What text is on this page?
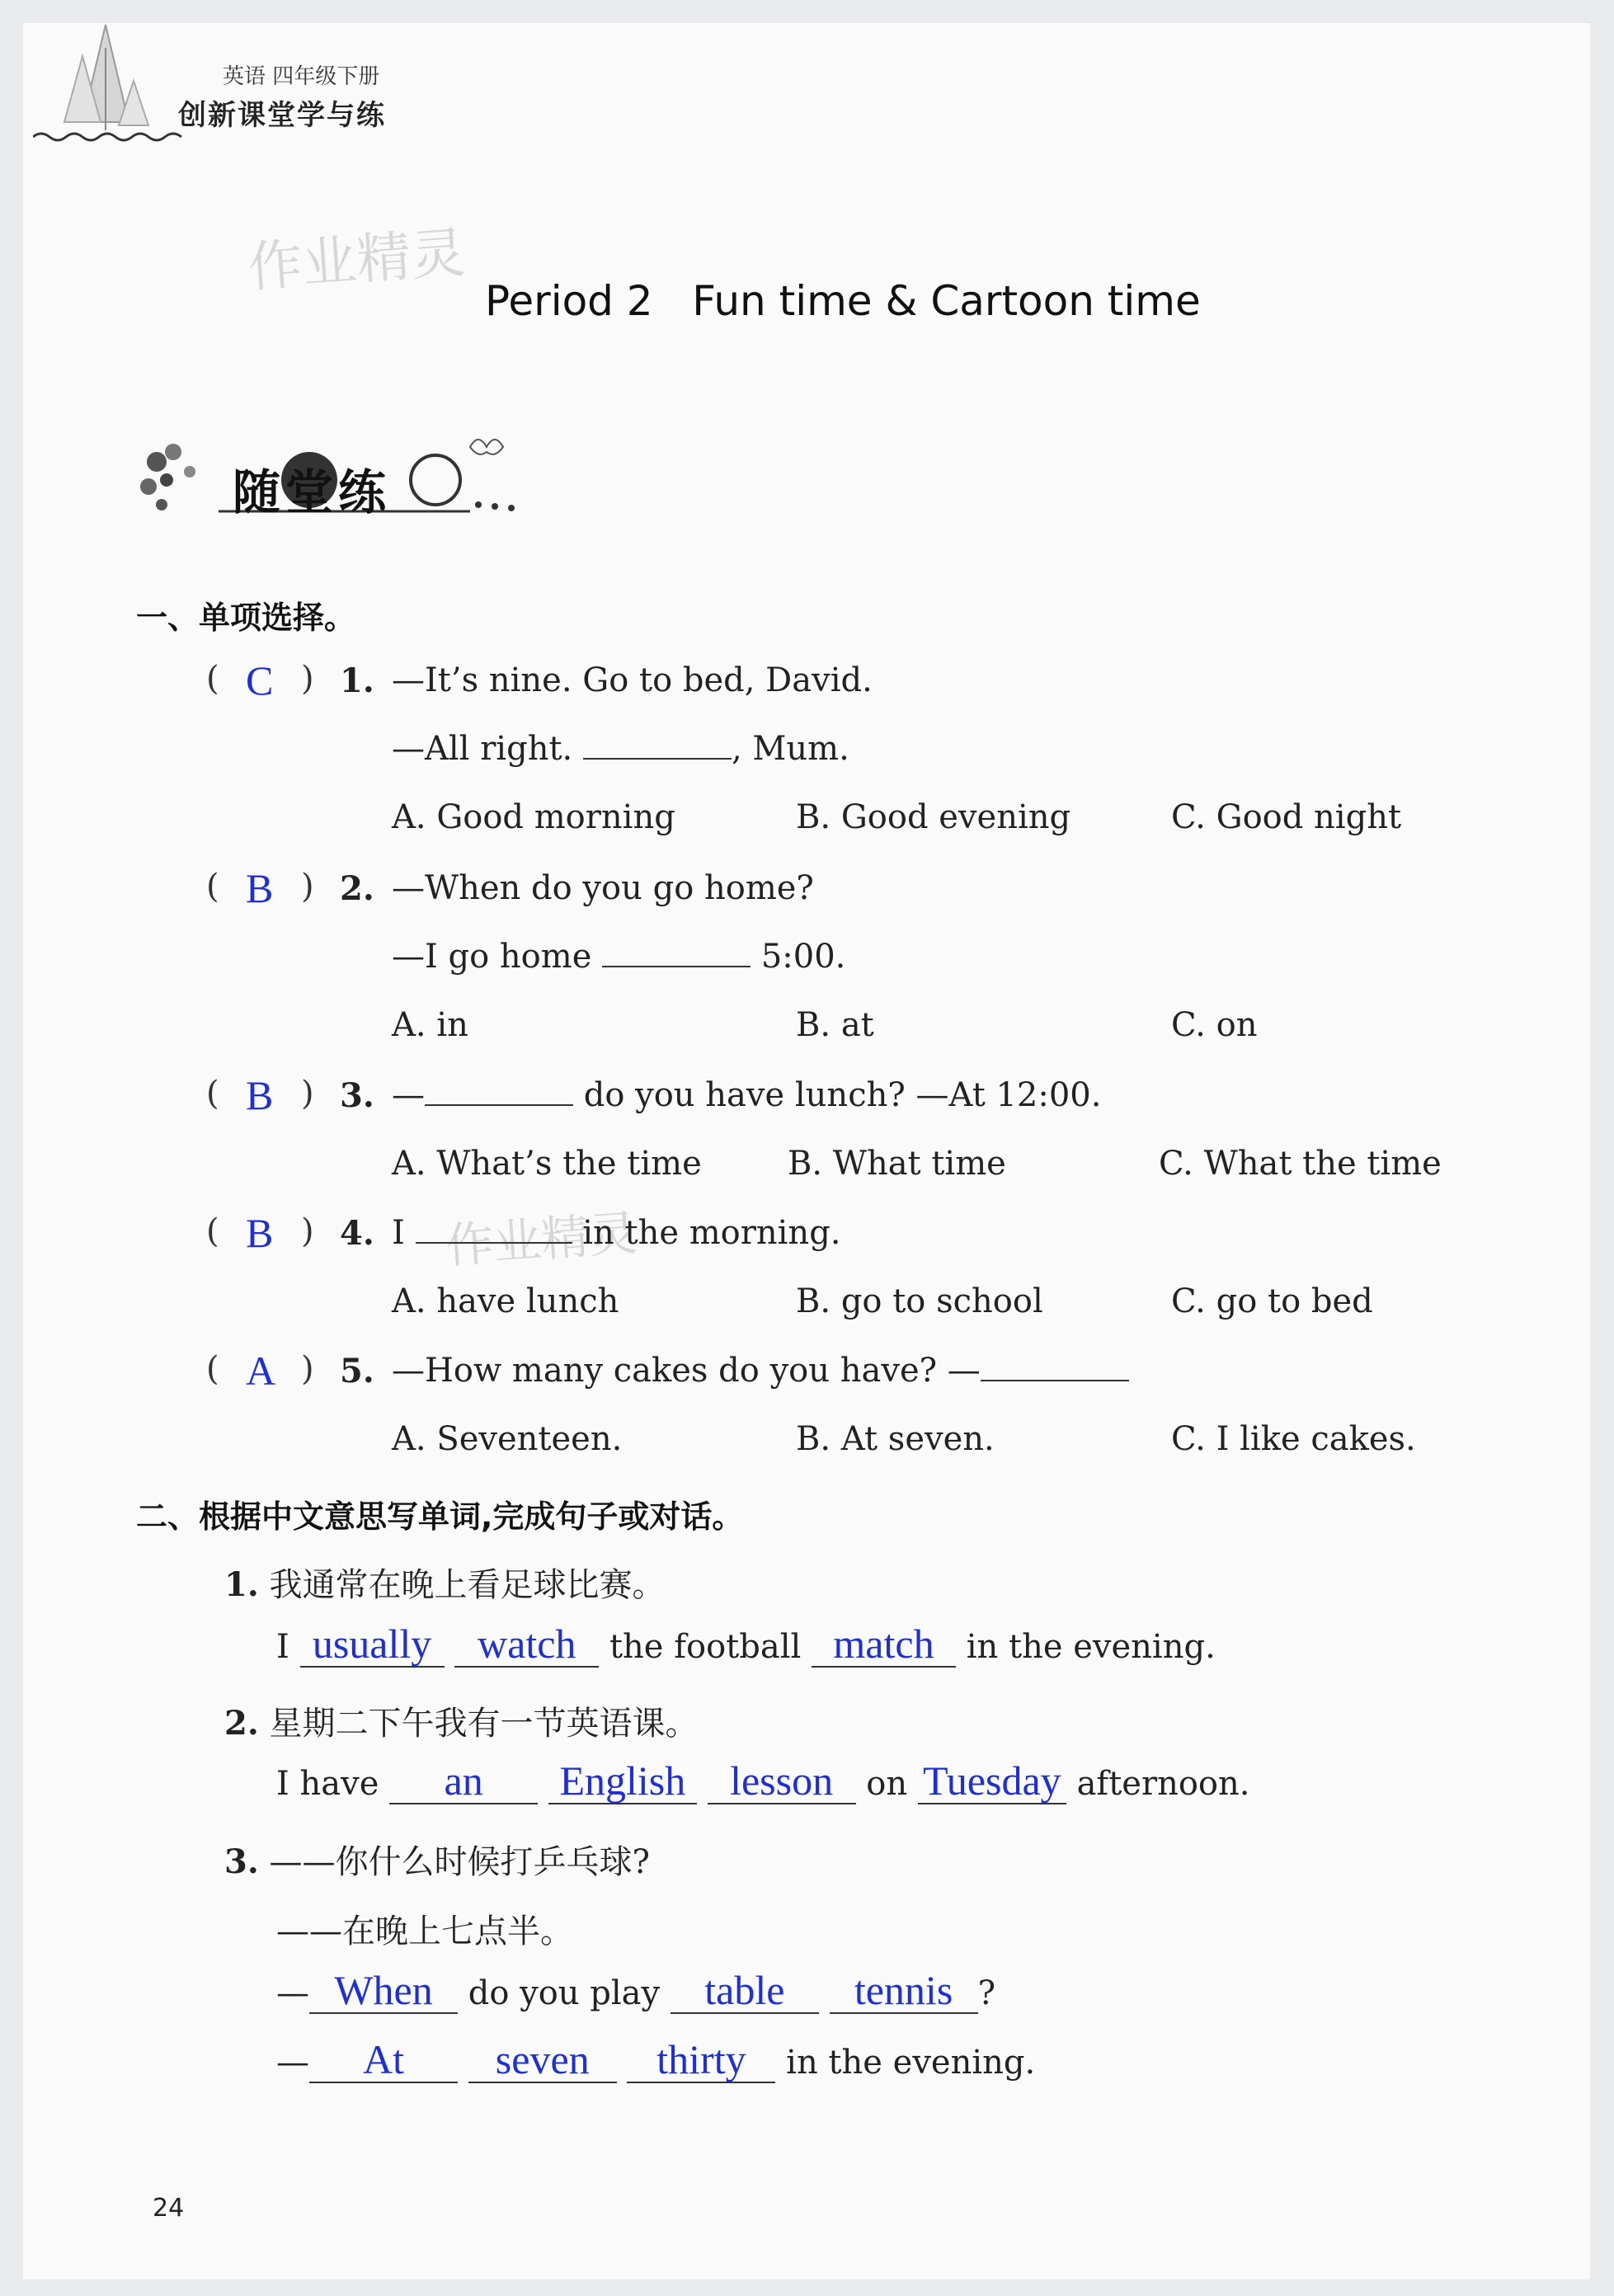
英语 四年级下册
创新课堂学与练
作业精灵
作业精灵
Period 2   Fun time & Cartoon time
随堂练
一、单项选择。
( C ) 1. —It’s nine. Go to bed, David.
—All right.	, Mum.
A. Good morning	B. Good evening	C. Good night
( B ) 2. —When do you go home?
—I go home	5:00.
A. in	B. at	C. on
( B ) 3. —	do you have lunch? —At 12:00.
A. What’s the time	B. What time	C. What the time
( B ) 4. I	in the morning.
A. have lunch	B. go to school	C. go to bed
( A ) 5. —How many cakes do you have? —
A. Seventeen.	B. At seven.	C. I like cakes.
二、根据中文意思写单词,完成句子或对话。
1. 我通常在晚上看足球比赛。
I usually watch the football match in the evening.
2. 星期二下午我有一节英语课。
I have an English lesson on Tuesday afternoon.
3. ——你什么时候打乒乓球?
——在晚上七点半。
— When do you play table tennis ?
— At seven thirty in the evening.
24
